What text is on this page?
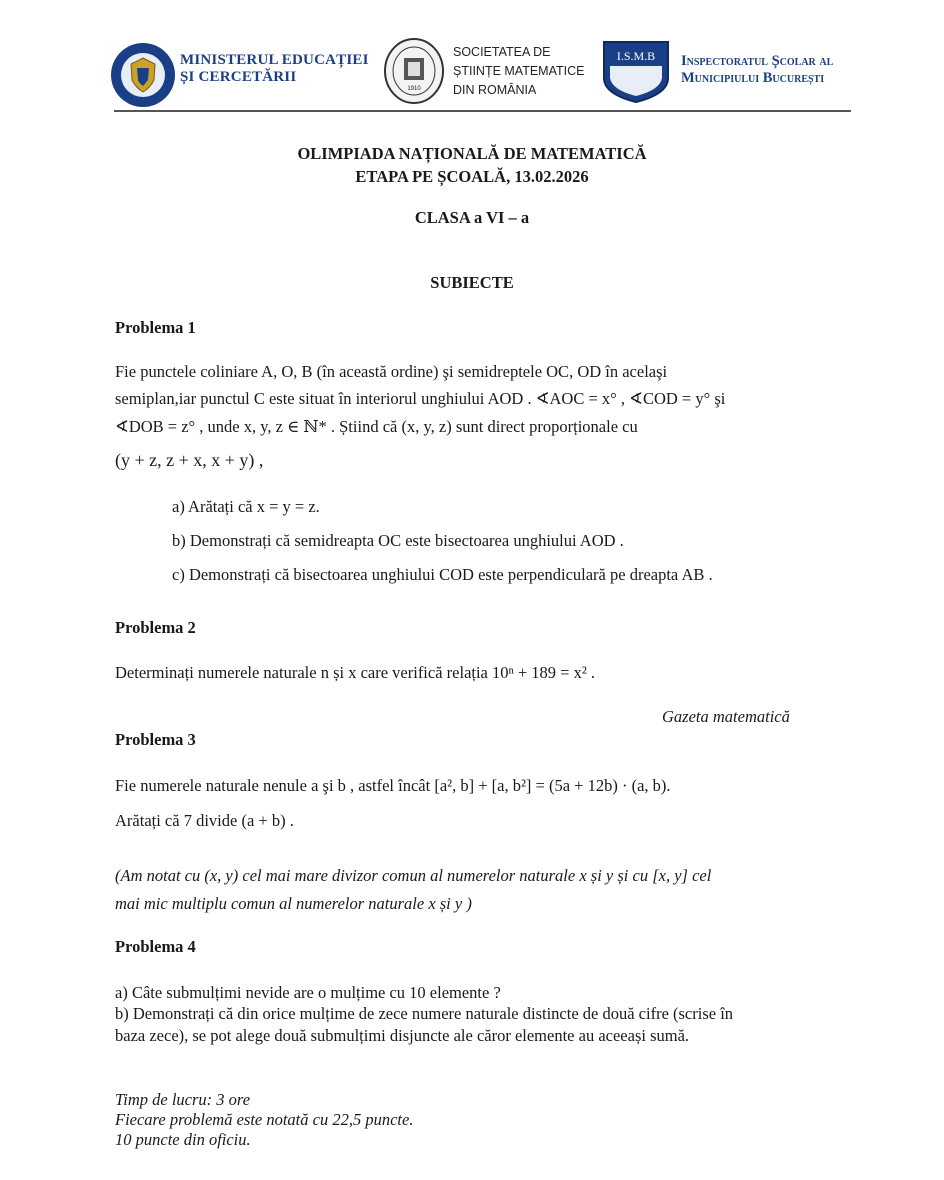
MINISTERUL EDUCAȚIEI
ȘI CERCETĂRII
1910
SOCIETATEA DE
ȘTIINȚE MATEMATICE
DIN ROMÂNIA
I.S.M.B Inspectoratul Școlar al
Municipiului București
OLIMPIADA NAȚIONALĂ DE MATEMATICĂ
ETAPA PE ȘCOALĂ, 13.02.2026
CLASA a VI – a
SUBIECTE
Problema 1
Fie punctele coliniare A, O, B (în această ordine) şi semidreptele OC, OD în acelaşi
semiplan,iar punctul C este situat în interiorul unghiului AOD . ∢AOC = x° , ∢COD = y° şi
∢DOB = z° , unde x, y, z ∈ ℕ* . Știind că (x, y, z) sunt direct proporționale cu
(y + z, z + x, x + y) ,
a) Arătați că x = y = z.
b) Demonstrați că semidreapta OC este bisectoarea unghiului AOD .
c) Demonstrați că bisectoarea unghiului COD este perpendiculară pe dreapta AB .
Problema 2
Determinați numerele naturale n și x care verifică relația 10ⁿ + 189 = x² .
Gazeta matematică
Problema 3
Fie numerele naturale nenule a şi b , astfel încât [a², b] + [a, b²] = (5a + 12b) · (a, b).
Arătați că 7 divide (a + b) .
(Am notat cu (x, y) cel mai mare divizor comun al numerelor naturale x și y și cu [x, y] cel
mai mic multiplu comun al numerelor naturale x și y )
Problema 4
a) Câte submulțimi nevide are o mulțime cu 10 elemente ?
b) Demonstrați că din orice mulțime de zece numere naturale distincte de două cifre (scrise în
baza zece), se pot alege două submulțimi disjuncte ale căror elemente au aceeași sumă.
Timp de lucru: 3 ore
Fiecare problemă este notată cu 22,5 puncte.
10 puncte din oficiu.
